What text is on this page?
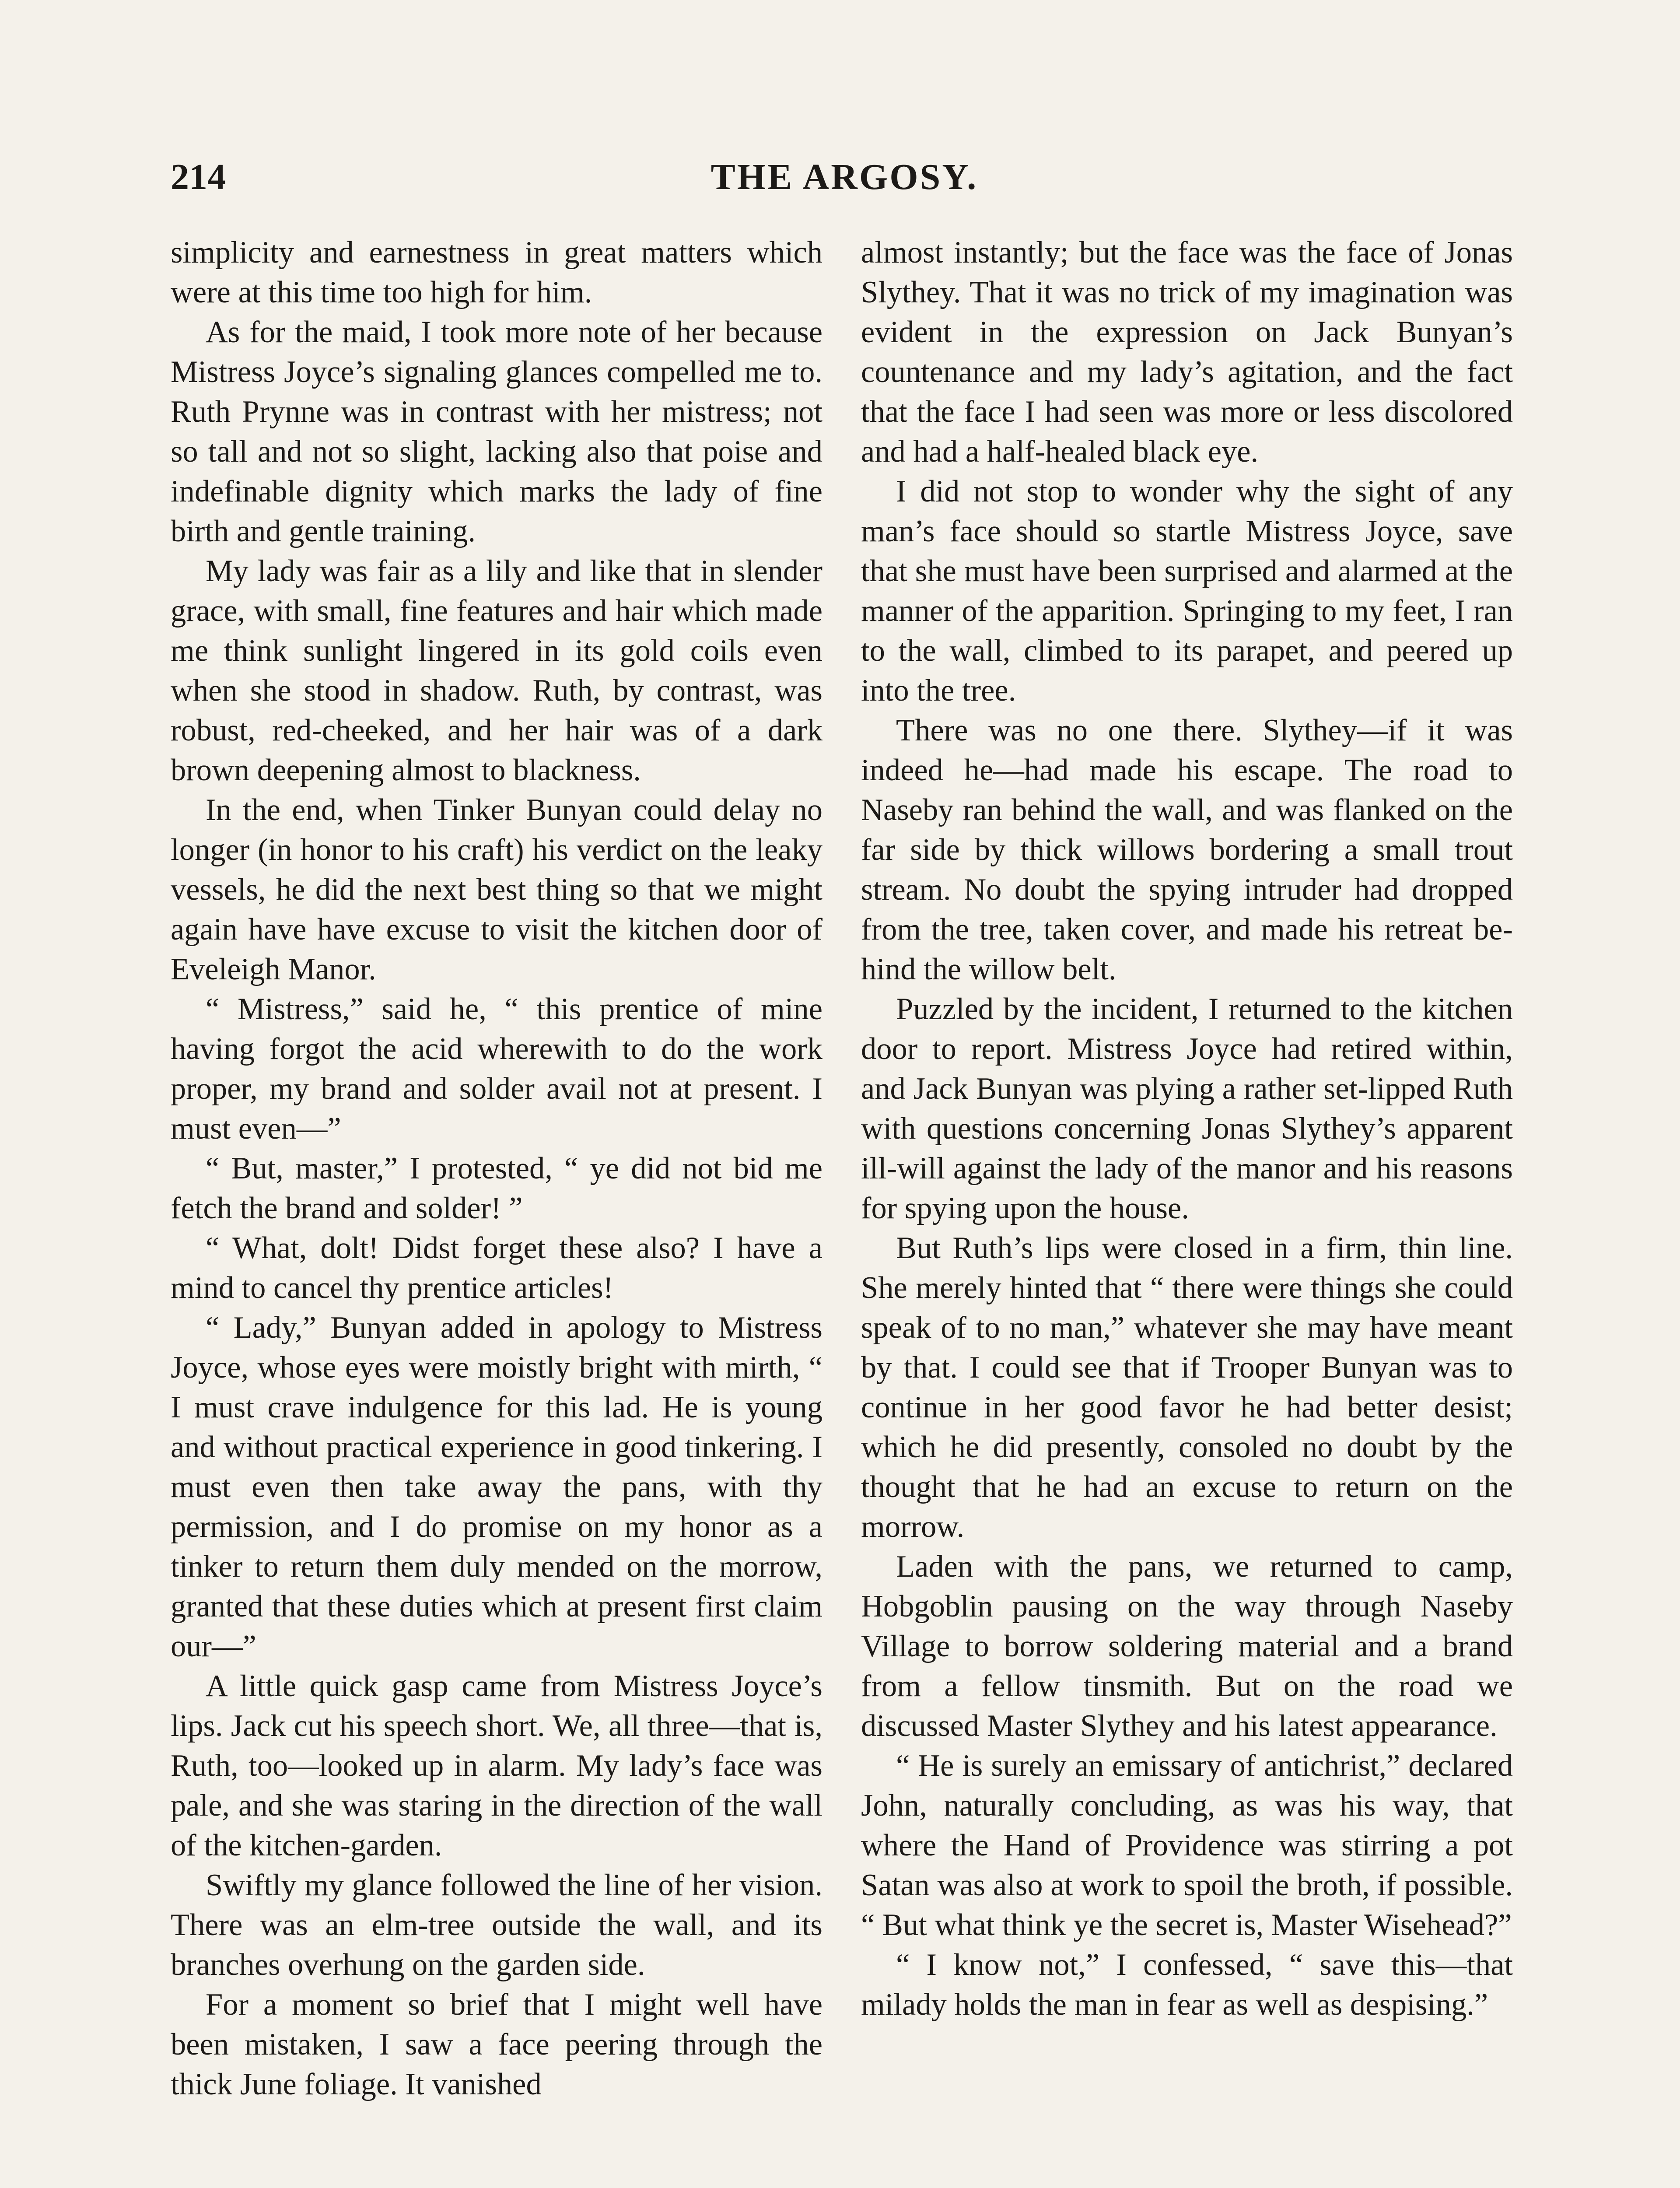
214	THE ARGOSY.

simplicity and earnestness in great matters which were at this time too high for him.

As for the maid, I took more note of her because Mistress Joyce’s signaling glances compelled me to. Ruth Prynne was in contrast with her mistress; not so tall and not so slight, lacking also that poise and indefinable dignity which marks the lady of fine birth and gentle training.

My lady was fair as a lily and like that in slender grace, with small, fine features and hair which made me think sunlight lingered in its gold coils even when she stood in shadow. Ruth, by contrast, was robust, red-cheeked, and her hair was of a dark brown deepening almost to blackness.

In the end, when Tinker Bunyan could delay no longer (in honor to his craft) his verdict on the leaky vessels, he did the next best thing so that we might again have have excuse to visit the kitchen door of Eveleigh Manor.

“ Mistress,” said he, “ this prentice of mine having forgot the acid wherewith to do the work proper, my brand and solder avail not at present. I must even—”

“ But, master,” I protested, “ ye did not bid me fetch the brand and solder! ”

“ What, dolt! Didst forget these also? I have a mind to cancel thy prentice articles!

“ Lady,” Bunyan added in apology to Mistress Joyce, whose eyes were moistly bright with mirth, “ I must crave indulgence for this lad. He is young and without practical experience in good tinkering. I must even then take away the pans, with thy permission, and I do promise on my honor as a tinker to return them duly mended on the morrow, granted that these duties which at present first claim our—”

A little quick gasp came from Mistress Joyce’s lips. Jack cut his speech short. We, all three—that is, Ruth, too—looked up in alarm. My lady’s face was pale, and she was staring in the direction of the wall of the kitchen-garden.

Swiftly my glance followed the line of her vision. There was an elm-tree outside the wall, and its branches overhung on the garden side.

For a moment so brief that I might well have been mistaken, I saw a face peering through the thick June foliage. It vanished

almost instantly; but the face was the face of Jonas Slythey. That it was no trick of my imagination was evident in the expression on Jack Bunyan’s countenance and my lady’s agitation, and the fact that the face I had seen was more or less discolored and had a half-healed black eye.

I did not stop to wonder why the sight of any man’s face should so startle Mistress Joyce, save that she must have been surprised and alarmed at the manner of the apparition. Springing to my feet, I ran to the wall, climbed to its parapet, and peered up into the tree.

There was no one there. Slythey—if it was indeed he—had made his escape. The road to Naseby ran behind the wall, and was flanked on the far side by thick willows bordering a small trout stream. No doubt the spying intruder had dropped from the tree, taken cover, and made his retreat behind the willow belt.

Puzzled by the incident, I returned to the kitchen door to report. Mistress Joyce had retired within, and Jack Bunyan was plying a rather set-lipped Ruth with questions concerning Jonas Slythey’s apparent ill-will against the lady of the manor and his reasons for spying upon the house.

But Ruth’s lips were closed in a firm, thin line. She merely hinted that “ there were things she could speak of to no man,” whatever she may have meant by that. I could see that if Trooper Bunyan was to continue in her good favor he had better desist; which he did presently, consoled no doubt by the thought that he had an excuse to return on the morrow.

Laden with the pans, we returned to camp, Hobgoblin pausing on the way through Naseby Village to borrow soldering material and a brand from a fellow tinsmith. But on the road we discussed Master Slythey and his latest appearance.

“ He is surely an emissary of antichrist,” declared John, naturally concluding, as was his way, that where the Hand of Providence was stirring a pot Satan was also at work to spoil the broth, if possible. “ But what think ye the secret is, Master Wisehead?”

“ I know not,” I confessed, “ save this—that milady holds the man in fear as well as despising.”
